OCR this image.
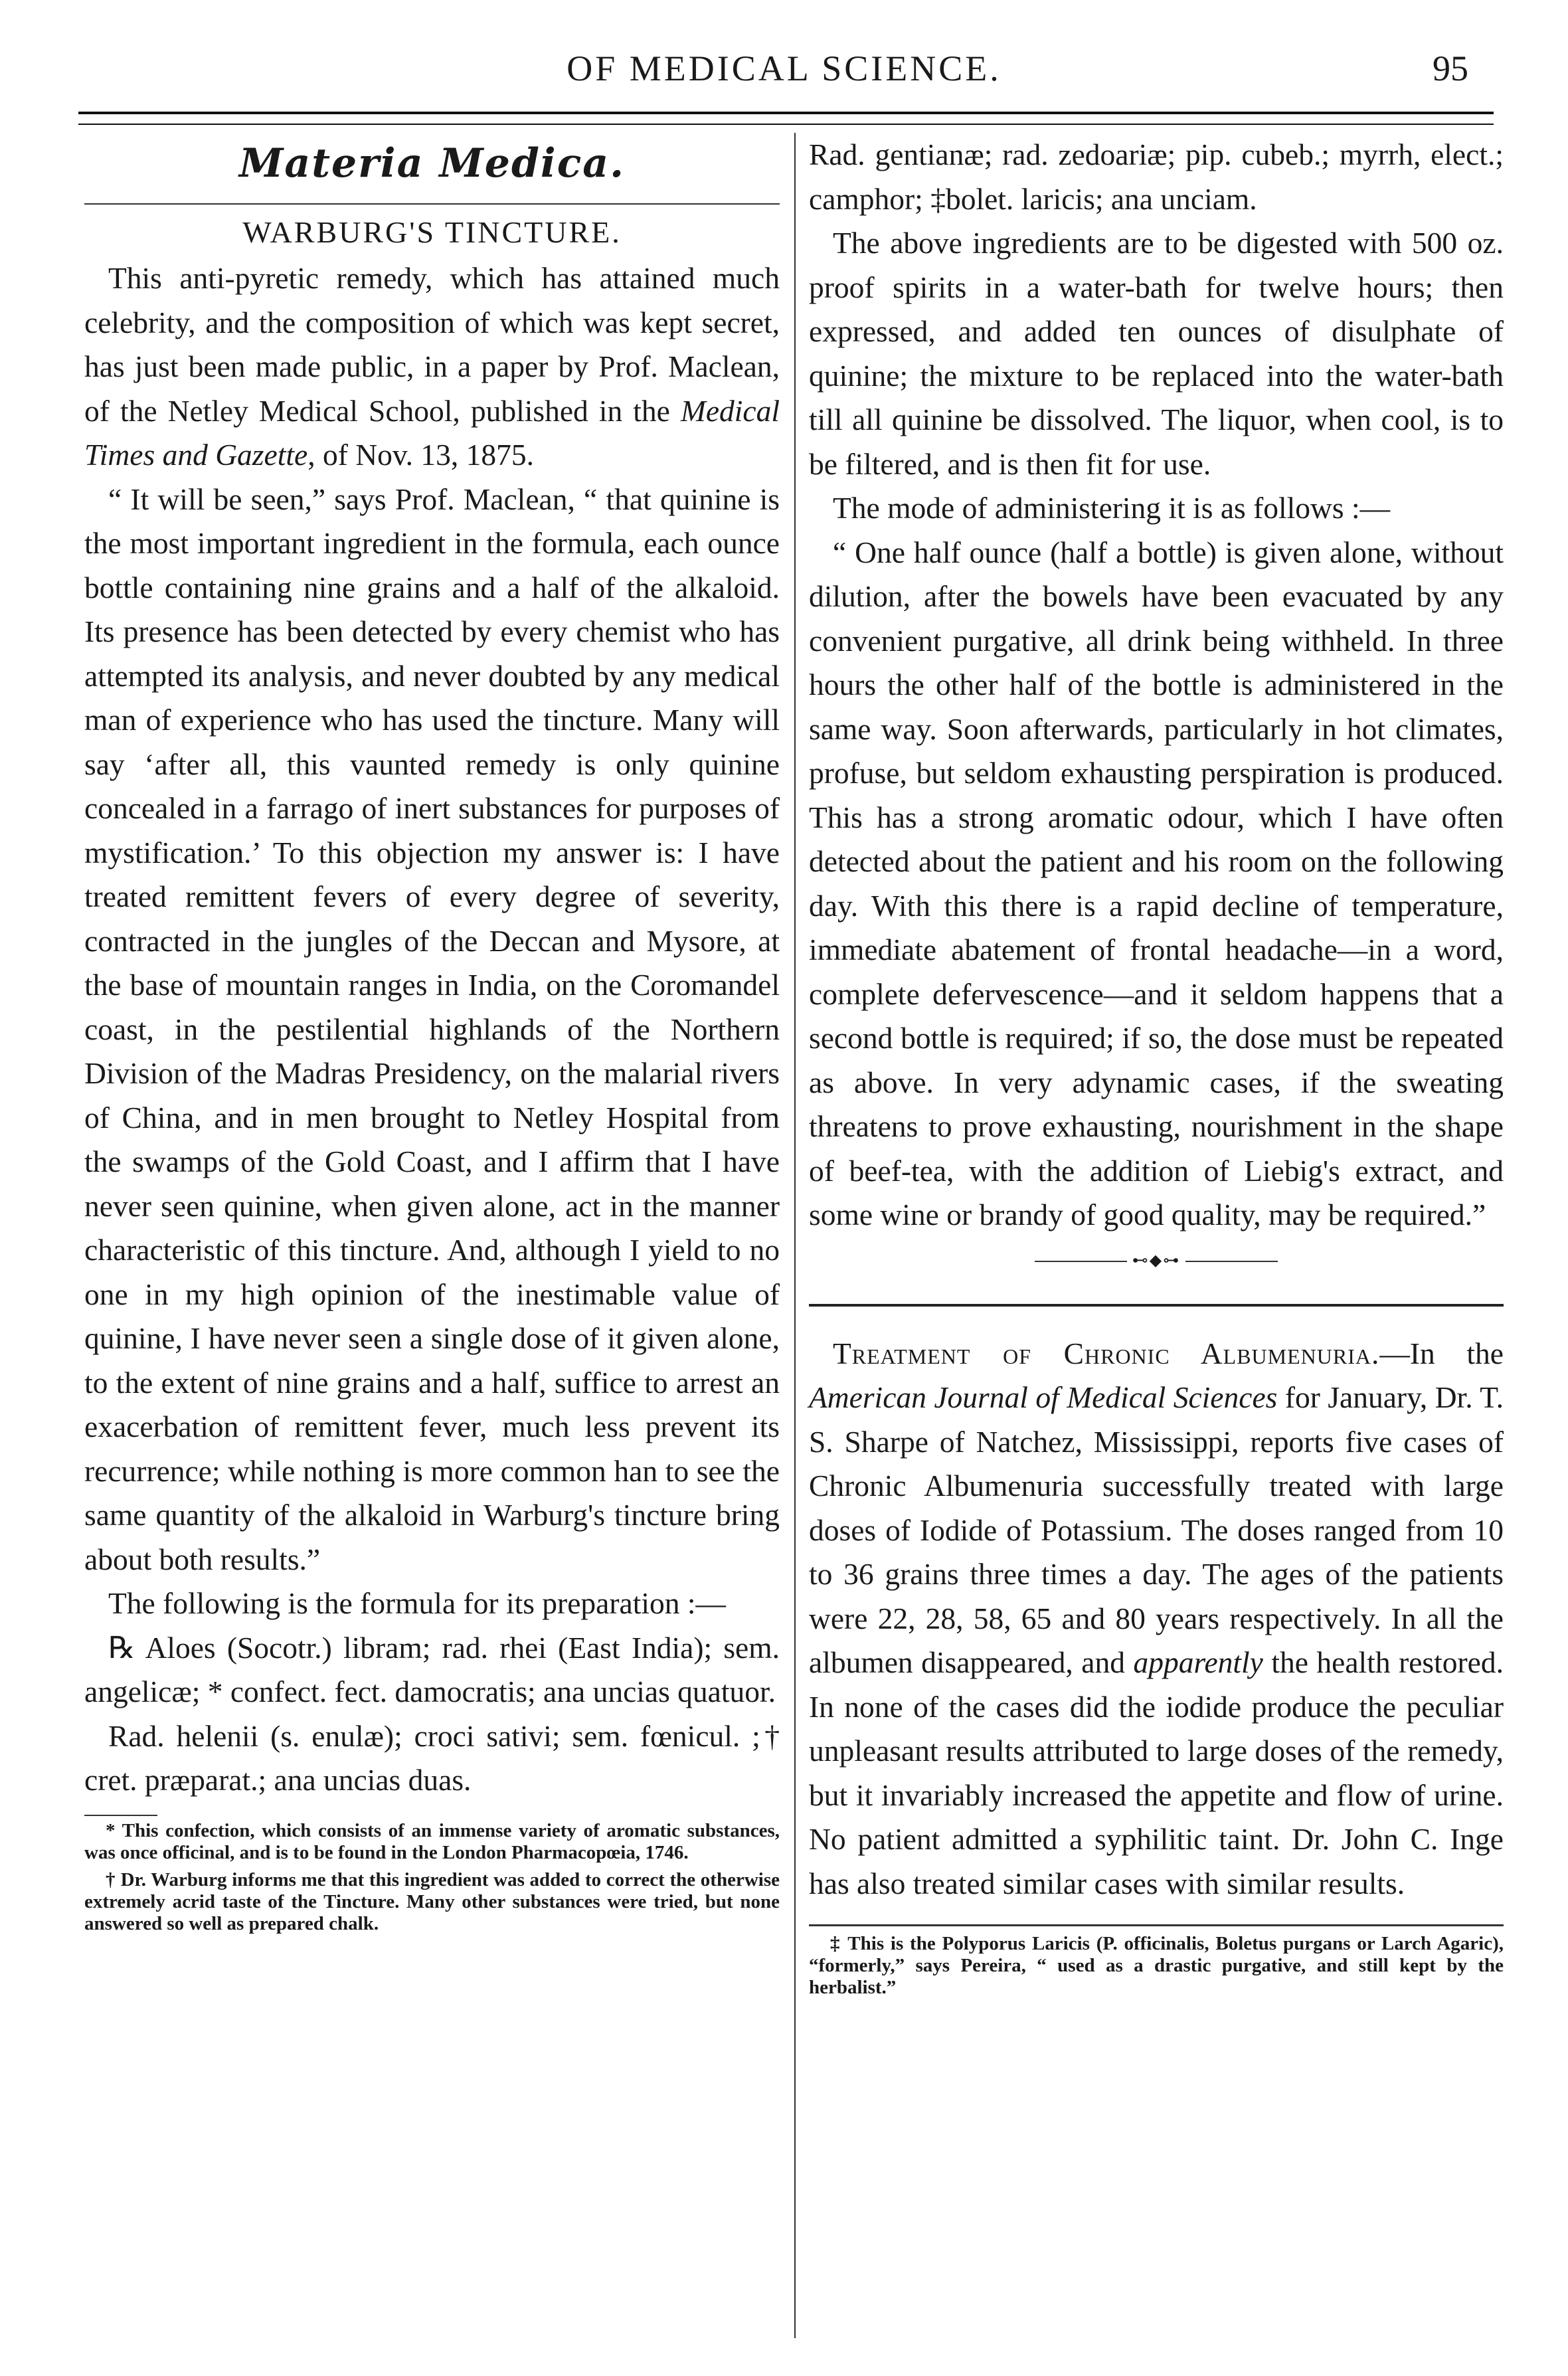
OF MEDICAL SCIENCE.	95
Materia Medica.
WARBURG'S TINCTURE.

This anti-pyretic remedy, which has attained much celebrity, and the composition of which was kept secret, has just been made public, in a paper by Prof. Maclean, of the Netley Medical School, published in the Medical Times and Gazette, of Nov. 13, 1875.

“ It will be seen,” says Prof. Maclean, “ that quinine is the most important ingredient in the formula, each ounce bottle containing nine grains and a half of the alkaloid. Its presence has been detected by every chemist who has attempted its analysis, and never doubted by any medical man of experience who has used the tincture. Many will say ‘after all, this vaunted remedy is only quinine concealed in a farrago of inert substances for purposes of mystification.’ To this objection my answer is: I have treated remittent fevers of every degree of severity, contracted in the jungles of the Deccan and Mysore, at the base of mountain ranges in India, on the Coromandel coast, in the pestilential highlands of the Northern Division of the Madras Presidency, on the malarial rivers of China, and in men brought to Netley Hospital from the swamps of the Gold Coast, and I affirm that I have never seen quinine, when given alone, act in the manner characteristic of this tincture. And, although I yield to no one in my high opinion of the inestimable value of quinine, I have never seen a single dose of it given alone, to the extent of nine grains and a half, suffice to arrest an exacerbation of remittent fever, much less prevent its recurrence; while nothing is more common han to see the same quantity of the alkaloid in Warburg's tincture bring about both results.”

The following is the formula for its preparation :—

℞ Aloes (Socotr.) libram; rad. rhei (East India); sem. angelicæ; * confect. fect. damocratis; ana uncias quatuor.

Rad. helenii (s. enulæ); croci sativi; sem. fœnicul. ;† cret. præparat.; ana uncias duas.

* This confection, which consists of an immense variety of aromatic substances, was once officinal, and is to be found in the London Pharmacopœia, 1746.

† Dr. Warburg informs me that this ingredient was added to correct the otherwise extremely acrid taste of the Tincture. Many other substances were tried, but none answered so well as prepared chalk.

Rad. gentianæ; rad. zedoariæ; pip. cubeb.; myrrh, elect.; camphor; ‡bolet. laricis; ana unciam.

The above ingredients are to be digested with 500 oz. proof spirits in a water-bath for twelve hours; then expressed, and added ten ounces of disulphate of quinine; the mixture to be replaced into the water-bath till all quinine be dissolved. The liquor, when cool, is to be filtered, and is then fit for use.

The mode of administering it is as follows :—

“ One half ounce (half a bottle) is given alone, without dilution, after the bowels have been evacuated by any convenient purgative, all drink being withheld. In three hours the other half of the bottle is administered in the same way. Soon afterwards, particularly in hot climates, profuse, but seldom exhausting perspiration is produced. This has a strong aromatic odour, which I have often detected about the patient and his room on the following day. With this there is a rapid decline of temperature, immediate abatement of frontal headache—in a word, complete defervescence—and it seldom happens that a second bottle is required; if so, the dose must be repeated as above. In very adynamic cases, if the sweating threatens to prove exhausting, nourishment in the shape of beef-tea, with the addition of Liebig's extract, and some wine or brandy of good quality, may be required.”

⊷◆⊶

Treatment of Chronic Albumenuria.—In the American Journal of Medical Sciences for January, Dr. T. S. Sharpe of Natchez, Mississippi, reports five cases of Chronic Albumenuria successfully treated with large doses of Iodide of Potassium. The doses ranged from 10 to 36 grains three times a day. The ages of the patients were 22, 28, 58, 65 and 80 years respectively. In all the albumen disappeared, and apparently the health restored. In none of the cases did the iodide produce the peculiar unpleasant results attributed to large doses of the remedy, but it invariably increased the appetite and flow of urine. No patient admitted a syphilitic taint. Dr. John C. Inge has also treated similar cases with similar results.

‡ This is the Polyporus Laricis (P. officinalis, Boletus purgans or Larch Agaric), “formerly,” says Pereira, “ used as a drastic purgative, and still kept by the herbalist.”
